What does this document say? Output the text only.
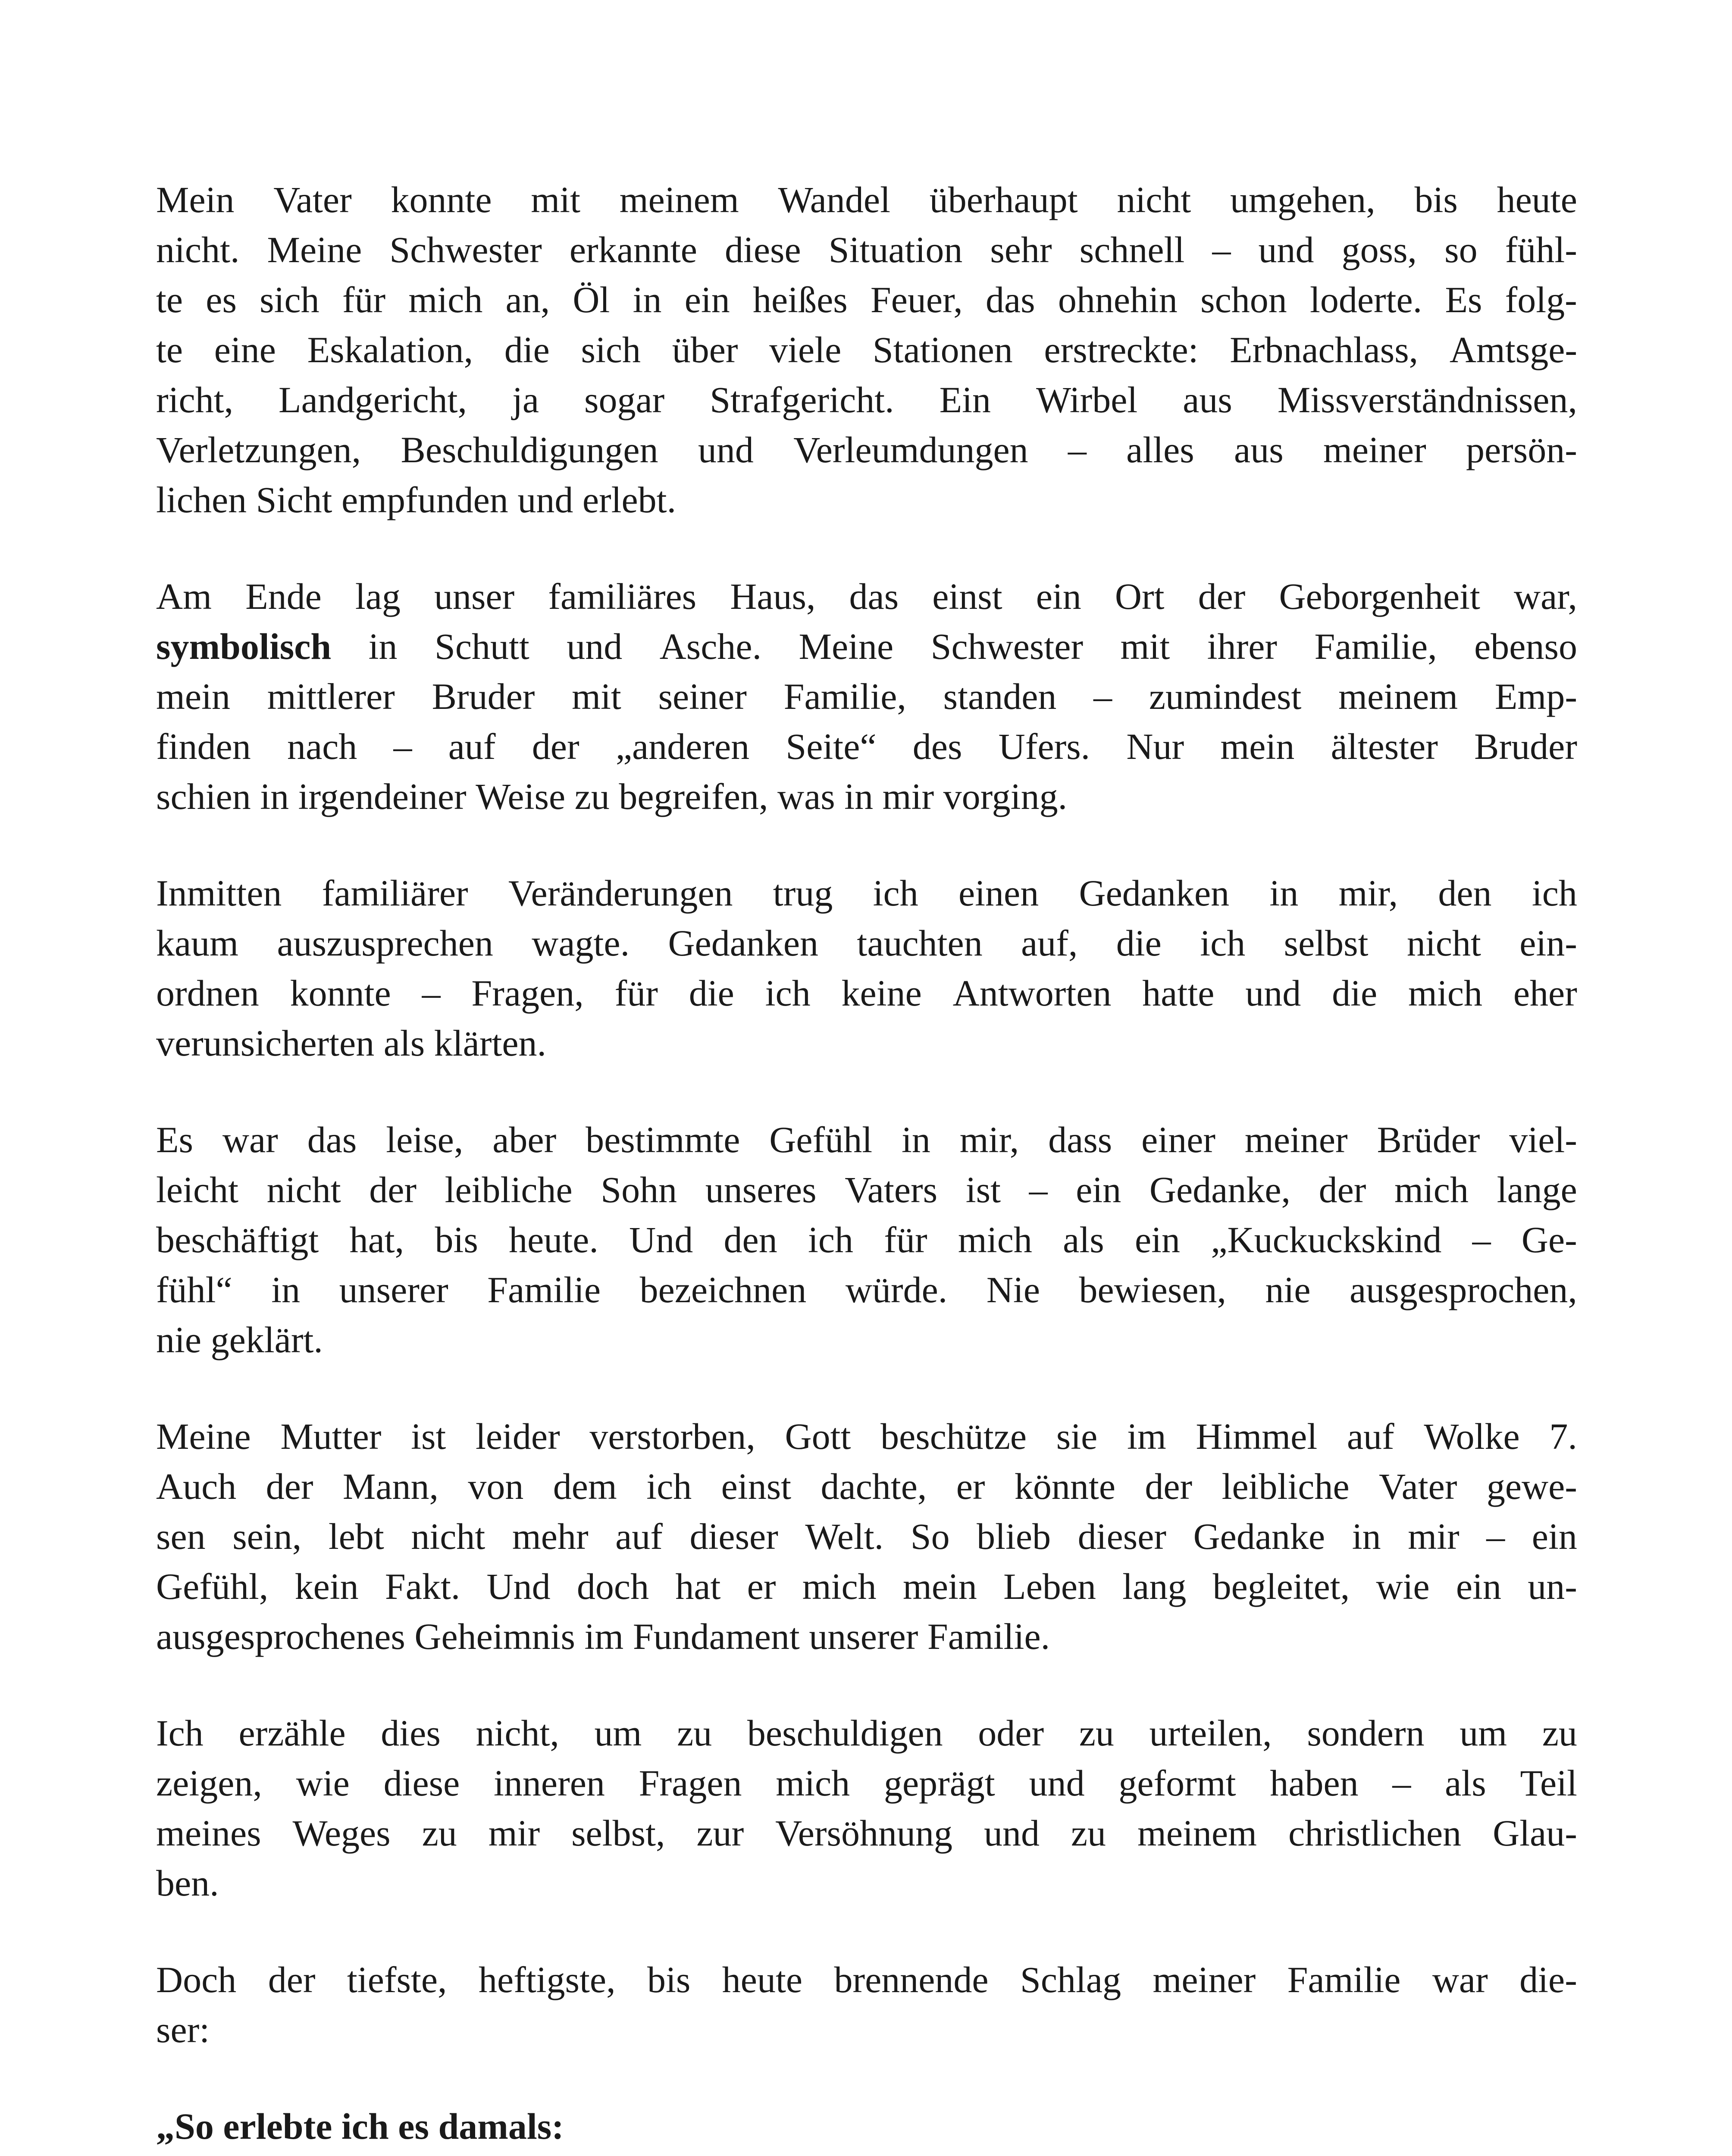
Mein Vater konnte mit meinem Wandel überhaupt nicht umgehen, bis heute
nicht. Meine Schwester erkannte diese Situation sehr schnell – und goss, so fühl-
te es sich für mich an, Öl in ein heißes Feuer, das ohnehin schon loderte. Es folg-
te eine Eskalation, die sich über viele Stationen erstreckte: Erbnachlass, Amtsge-
richt, Landgericht, ja sogar Strafgericht. Ein Wirbel aus Missverständnissen,
Verletzungen, Beschuldigungen und Verleumdungen – alles aus meiner persön-
lichen
Sicht
empfunden
und
erlebt.
Am Ende lag unser familiäres Haus, das einst ein Ort der Geborgenheit war,
symbolisch in Schutt und Asche. Meine Schwester mit ihrer Familie, ebenso
mein mittlerer Bruder mit seiner Familie, standen – zumindest meinem Emp-
finden nach – auf der „anderen Seite“ des Ufers. Nur mein ältester Bruder
schien
in
irgendeiner
Weise
zu
begreifen,
was
in
mir
vorging.
Inmitten familiärer Veränderungen trug ich einen Gedanken in mir, den ich
kaum auszusprechen wagte. Gedanken tauchten auf, die ich selbst nicht ein-
ordnen konnte – Fragen, für die ich keine Antworten hatte und die mich eher
verunsicherten
als
klärten.
Es war das leise, aber bestimmte Gefühl in mir, dass einer meiner Brüder viel-
leicht nicht der leibliche Sohn unseres Vaters ist – ein Gedanke, der mich lange
beschäftigt hat, bis heute. Und den ich für mich als ein „Kuckuckskind – Ge-
fühl“ in unserer Familie bezeichnen würde. Nie bewiesen, nie ausgesprochen,
nie
geklärt.
Meine Mutter ist leider verstorben, Gott beschütze sie im Himmel auf Wolke 7.
Auch der Mann, von dem ich einst dachte, er könnte der leibliche Vater gewe-
sen sein, lebt nicht mehr auf dieser Welt. So blieb dieser Gedanke in mir – ein
Gefühl, kein Fakt. Und doch hat er mich mein Leben lang begleitet, wie ein un-
ausgesprochenes
Geheimnis
im
Fundament
unserer
Familie.
Ich erzähle dies nicht, um zu beschuldigen oder zu urteilen, sondern um zu
zeigen, wie diese inneren Fragen mich geprägt und geformt haben – als Teil
meines Weges zu mir selbst, zur Versöhnung und zu meinem christlichen Glau-
ben.
Doch der tiefste, heftigste, bis heute brennende Schlag meiner Familie war die-
ser:
„So
erlebte
ich
es
damals:
